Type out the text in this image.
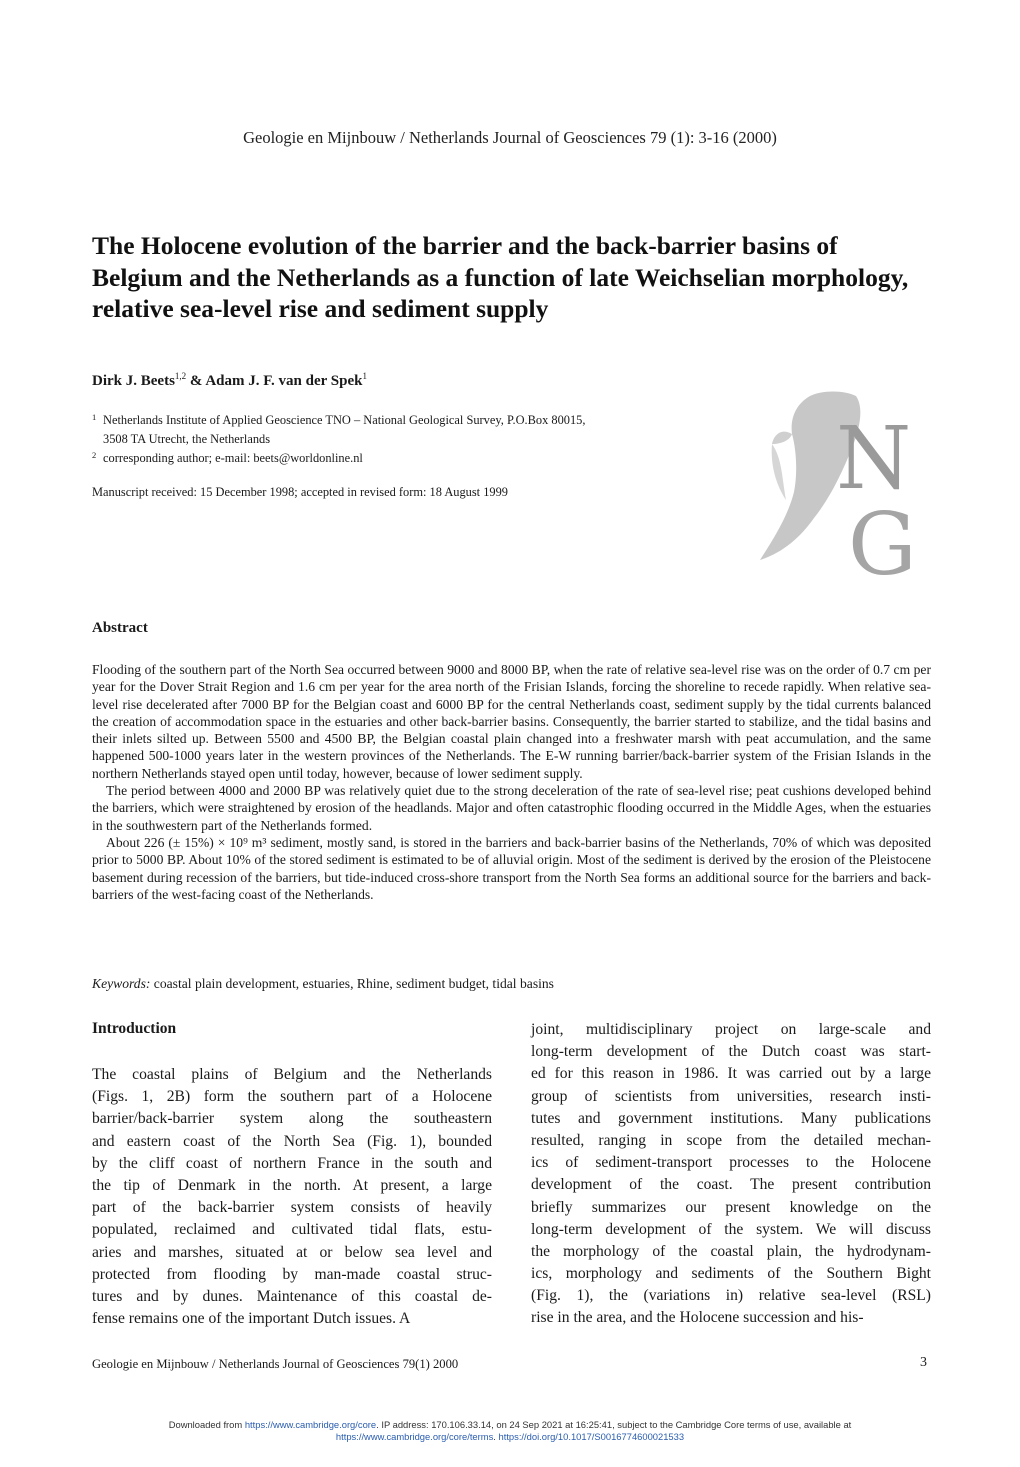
Geologie en Mijnbouw / Netherlands Journal of Geosciences 79 (1): 3-16 (2000)
The Holocene evolution of the barrier and the back-barrier basins of Belgium and the Netherlands as a function of late Weichselian morphology, relative sea-level rise and sediment supply
Dirk J. Beets$^{1,2}$ & Adam J. F. van der Spek$^1$
1 Netherlands Institute of Applied Geoscience TNO – National Geological Survey, P.O.Box 80015,
3508 TA Utrecht, the Netherlands
2 corresponding author; e-mail: beets@worldonline.nl
Manuscript received: 15 December 1998; accepted in revised form: 18 August 1999	N
G
Abstract

Flooding of the southern part of the North Sea occurred between 9000 and 8000 BP, when the rate of relative sea-level rise was on the order of 0.7 cm per year for the Dover Strait Region and 1.6 cm per year for the area north of the Frisian Islands, forcing the shoreline to recede rapidly. When relative sea-level rise decelerated after 7000 BP for the Belgian coast and 6000 BP for the central Netherlands coast, sediment supply by the tidal currents balanced the creation of accommodation space in the estuaries and other back-barrier basins. Consequently, the barrier started to stabilize, and the tidal basins and their inlets silted up. Between 5500 and 4500 BP, the Belgian coastal plain changed into a freshwater marsh with peat accumulation, and the same happened 500-1000 years later in the western provinces of the Netherlands. The E-W running barrier/back-barrier system of the Frisian Islands in the northern Netherlands stayed open until today, however, because of lower sediment supply.

The period between 4000 and 2000 BP was relatively quiet due to the strong deceleration of the rate of sea-level rise; peat cushions developed behind the barriers, which were straightened by erosion of the headlands. Major and often catastrophic flooding occurred in the Middle Ages, when the estuaries in the southwestern part of the Netherlands formed.

About 226 (± 15%) × 10⁹ m³ sediment, mostly sand, is stored in the barriers and back-barrier basins of the Netherlands, 70% of which was deposited prior to 5000 BP. About 10% of the stored sediment is estimated to be of alluvial origin. Most of the sediment is derived by the erosion of the Pleistocene basement during recession of the barriers, but tide-induced cross-shore transport from the North Sea forms an additional source for the barriers and back-barriers of the west-facing coast of the Netherlands.

Keywords: coastal plain development, estuaries, Rhine, sediment budget, tidal basins
Introduction
The coastal plains of Belgium and the Netherlands
(Figs. 1, 2B) form the southern part of a Holocene
barrier/back-barrier system along the southeastern
and eastern coast of the North Sea (Fig. 1), bounded
by the cliff coast of northern France in the south and
the tip of Denmark in the north. At present, a large
part of the back-barrier system consists of heavily
populated, reclaimed and cultivated tidal flats, estu-
aries and marshes, situated at or below sea level and
protected from flooding by man-made coastal struc-
tures and by dunes. Maintenance of this coastal de-
fense remains one of the important Dutch issues. A
joint, multidisciplinary project on large-scale and
long-term development of the Dutch coast was start-
ed for this reason in 1986. It was carried out by a large
group of scientists from universities, research insti-
tutes and government institutions. Many publications
resulted, ranging in scope from the detailed mechan-
ics of sediment-transport processes to the Holocene
development of the coast. The present contribution
briefly summarizes our present knowledge on the
long-term development of the system. We will discuss
the morphology of the coastal plain, the hydrodynam-
ics, morphology and sediments of the Southern Bight
(Fig. 1), the (variations in) relative sea-level (RSL)
rise in the area, and the Holocene succession and his-
Geologie en Mijnbouw / Netherlands Journal of Geosciences 79(1) 2000	3
Downloaded from https://www.cambridge.org/core. IP address: 170.106.33.14, on 24 Sep 2021 at 16:25:41, subject to the Cambridge Core terms of use, available at
https://www.cambridge.org/core/terms. https://doi.org/10.1017/S0016774600021533
